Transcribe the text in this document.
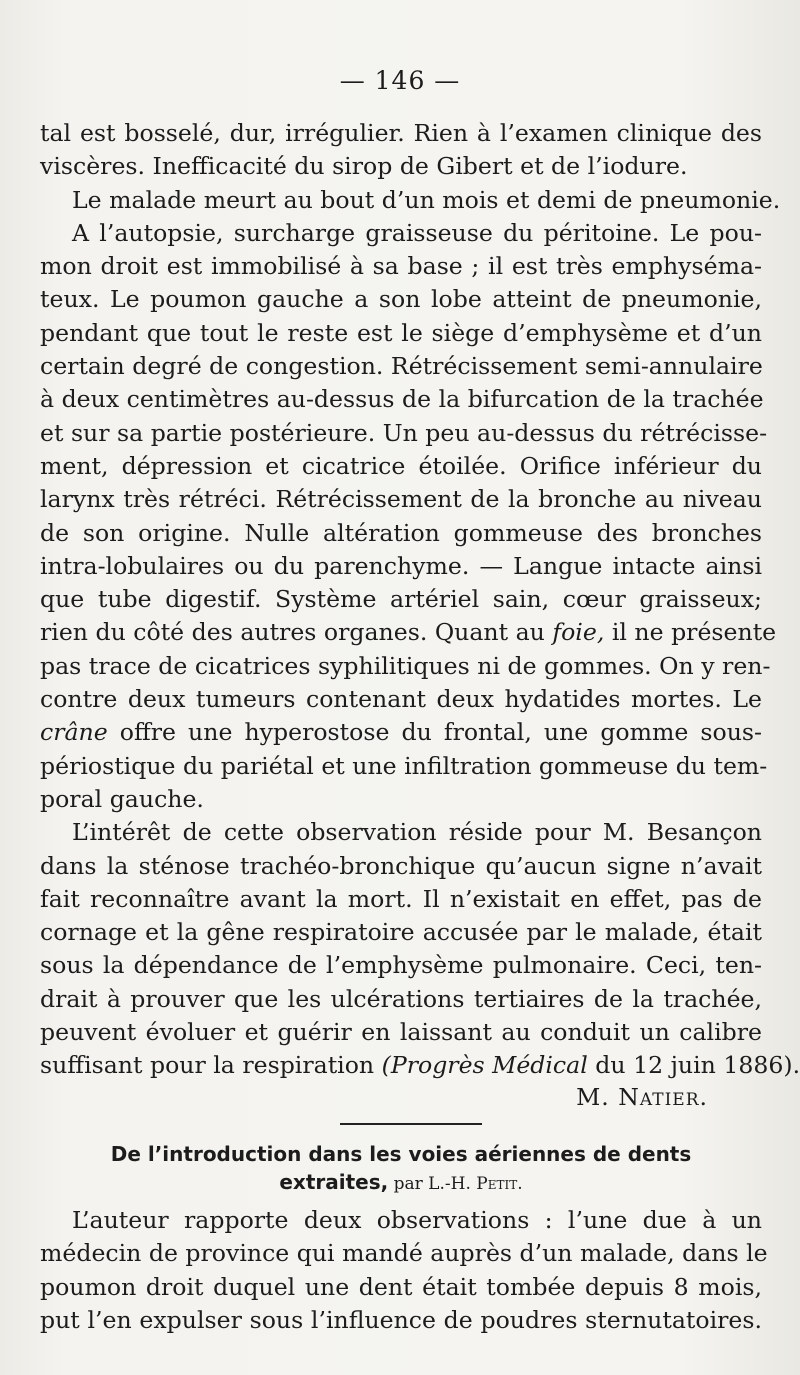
— 146 —
tal est bosselé, dur, irrégulier. Rien à l’examen clinique des
viscères. Inefficacité du sirop de Gibert et de l’iodure.
Le malade meurt au bout d’un mois et demi de pneumonie.
A l’autopsie, surcharge graisseuse du péritoine. Le pou-
mon droit est immobilisé à sa base ; il est très emphyséma-
teux. Le poumon gauche a son lobe atteint de pneumonie,
pendant que tout le reste est le siège d’emphysème et d’un
certain degré de congestion. Rétrécissement semi-annulaire
à deux centimètres au-dessus de la bifurcation de la trachée
et sur sa partie postérieure. Un peu au-dessus du rétrécisse-
ment, dépression et cicatrice étoilée. Orifice inférieur du
larynx très rétréci. Rétrécissement de la bronche au niveau
de son origine. Nulle altération gommeuse des bronches
intra-lobulaires ou du parenchyme. — Langue intacte ainsi
que tube digestif. Système artériel sain, cœur graisseux;
rien du côté des autres organes. Quant au foie, il ne présente
pas trace de cicatrices syphilitiques ni de gommes. On y ren-
contre deux tumeurs contenant deux hydatides mortes. Le
crâne offre une hyperostose du frontal, une gomme sous-
périostique du pariétal et une infiltration gommeuse du tem-
poral gauche.
L’intérêt de cette observation réside pour M. Besançon
dans la sténose trachéo-bronchique qu’aucun signe n’avait
fait reconnaître avant la mort. Il n’existait en effet, pas de
cornage et la gêne respiratoire accusée par le malade, était
sous la dépendance de l’emphysème pulmonaire. Ceci, ten-
drait à prouver que les ulcérations tertiaires de la trachée,
peuvent évoluer et guérir en laissant au conduit un calibre
suffisant pour la respiration (Progrès Médical du 12 juin 1886).
M. Natier.
De l’introduction dans les voies aériennes de dents
extraites, par L.-H. Petit.
L’auteur rapporte deux observations : l’une due à un
médecin de province qui mandé auprès d’un malade, dans le
poumon droit duquel une dent était tombée depuis 8 mois,
put l’en expulser sous l’influence de poudres sternutatoires.
